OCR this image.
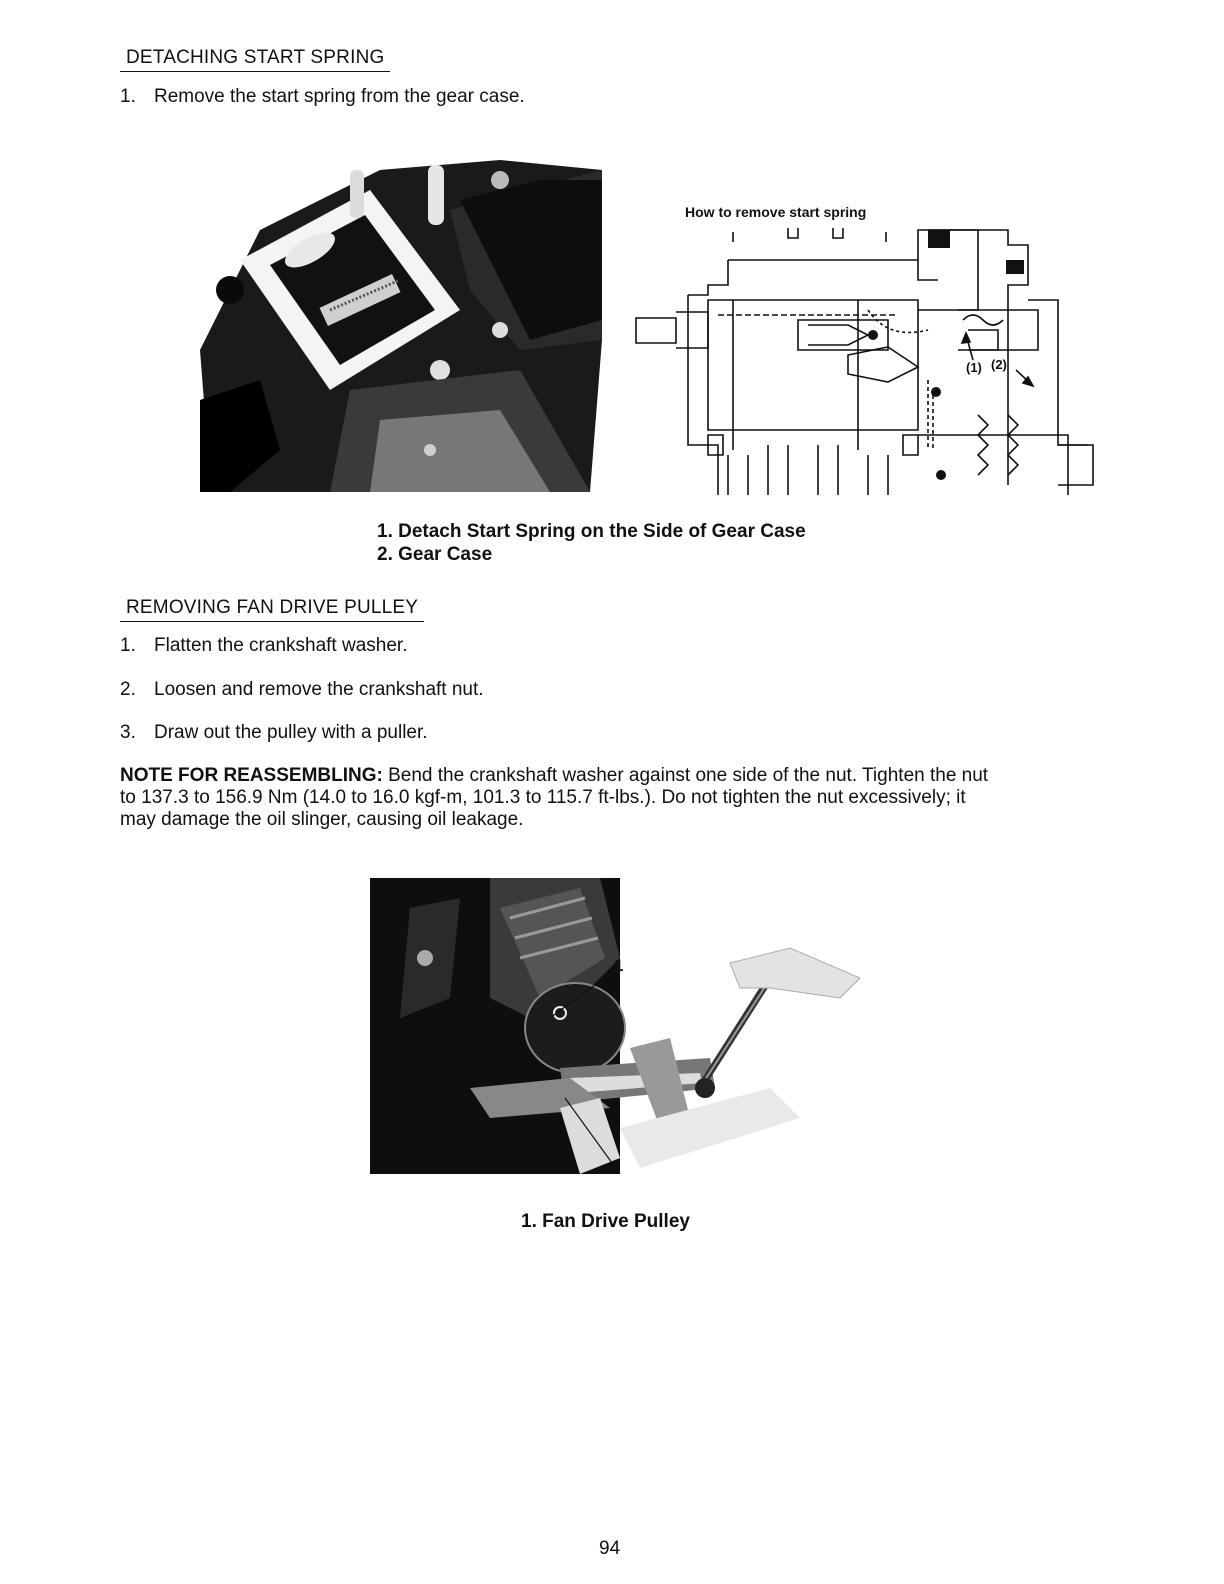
DETACHING START SPRING
1. Remove the start spring from the gear case.
How to remove start spring
(1) (2)
1. Detach Start Spring on the Side of Gear Case
2. Gear Case
REMOVING FAN DRIVE PULLEY
1. Flatten the crankshaft washer.
2. Loosen and remove the crankshaft nut.
3. Draw out the pulley with a puller.
NOTE FOR REASSEMBLING: Bend the crankshaft washer against one side of the nut. Tighten the nut to 137.3 to 156.9 Nm (14.0 to 16.0 kgf-m, 101.3 to 115.7 ft-lbs.). Do not tighten the nut excessively; it may damage the oil slinger, causing oil leakage.
1
1. Fan Drive Pulley
94
